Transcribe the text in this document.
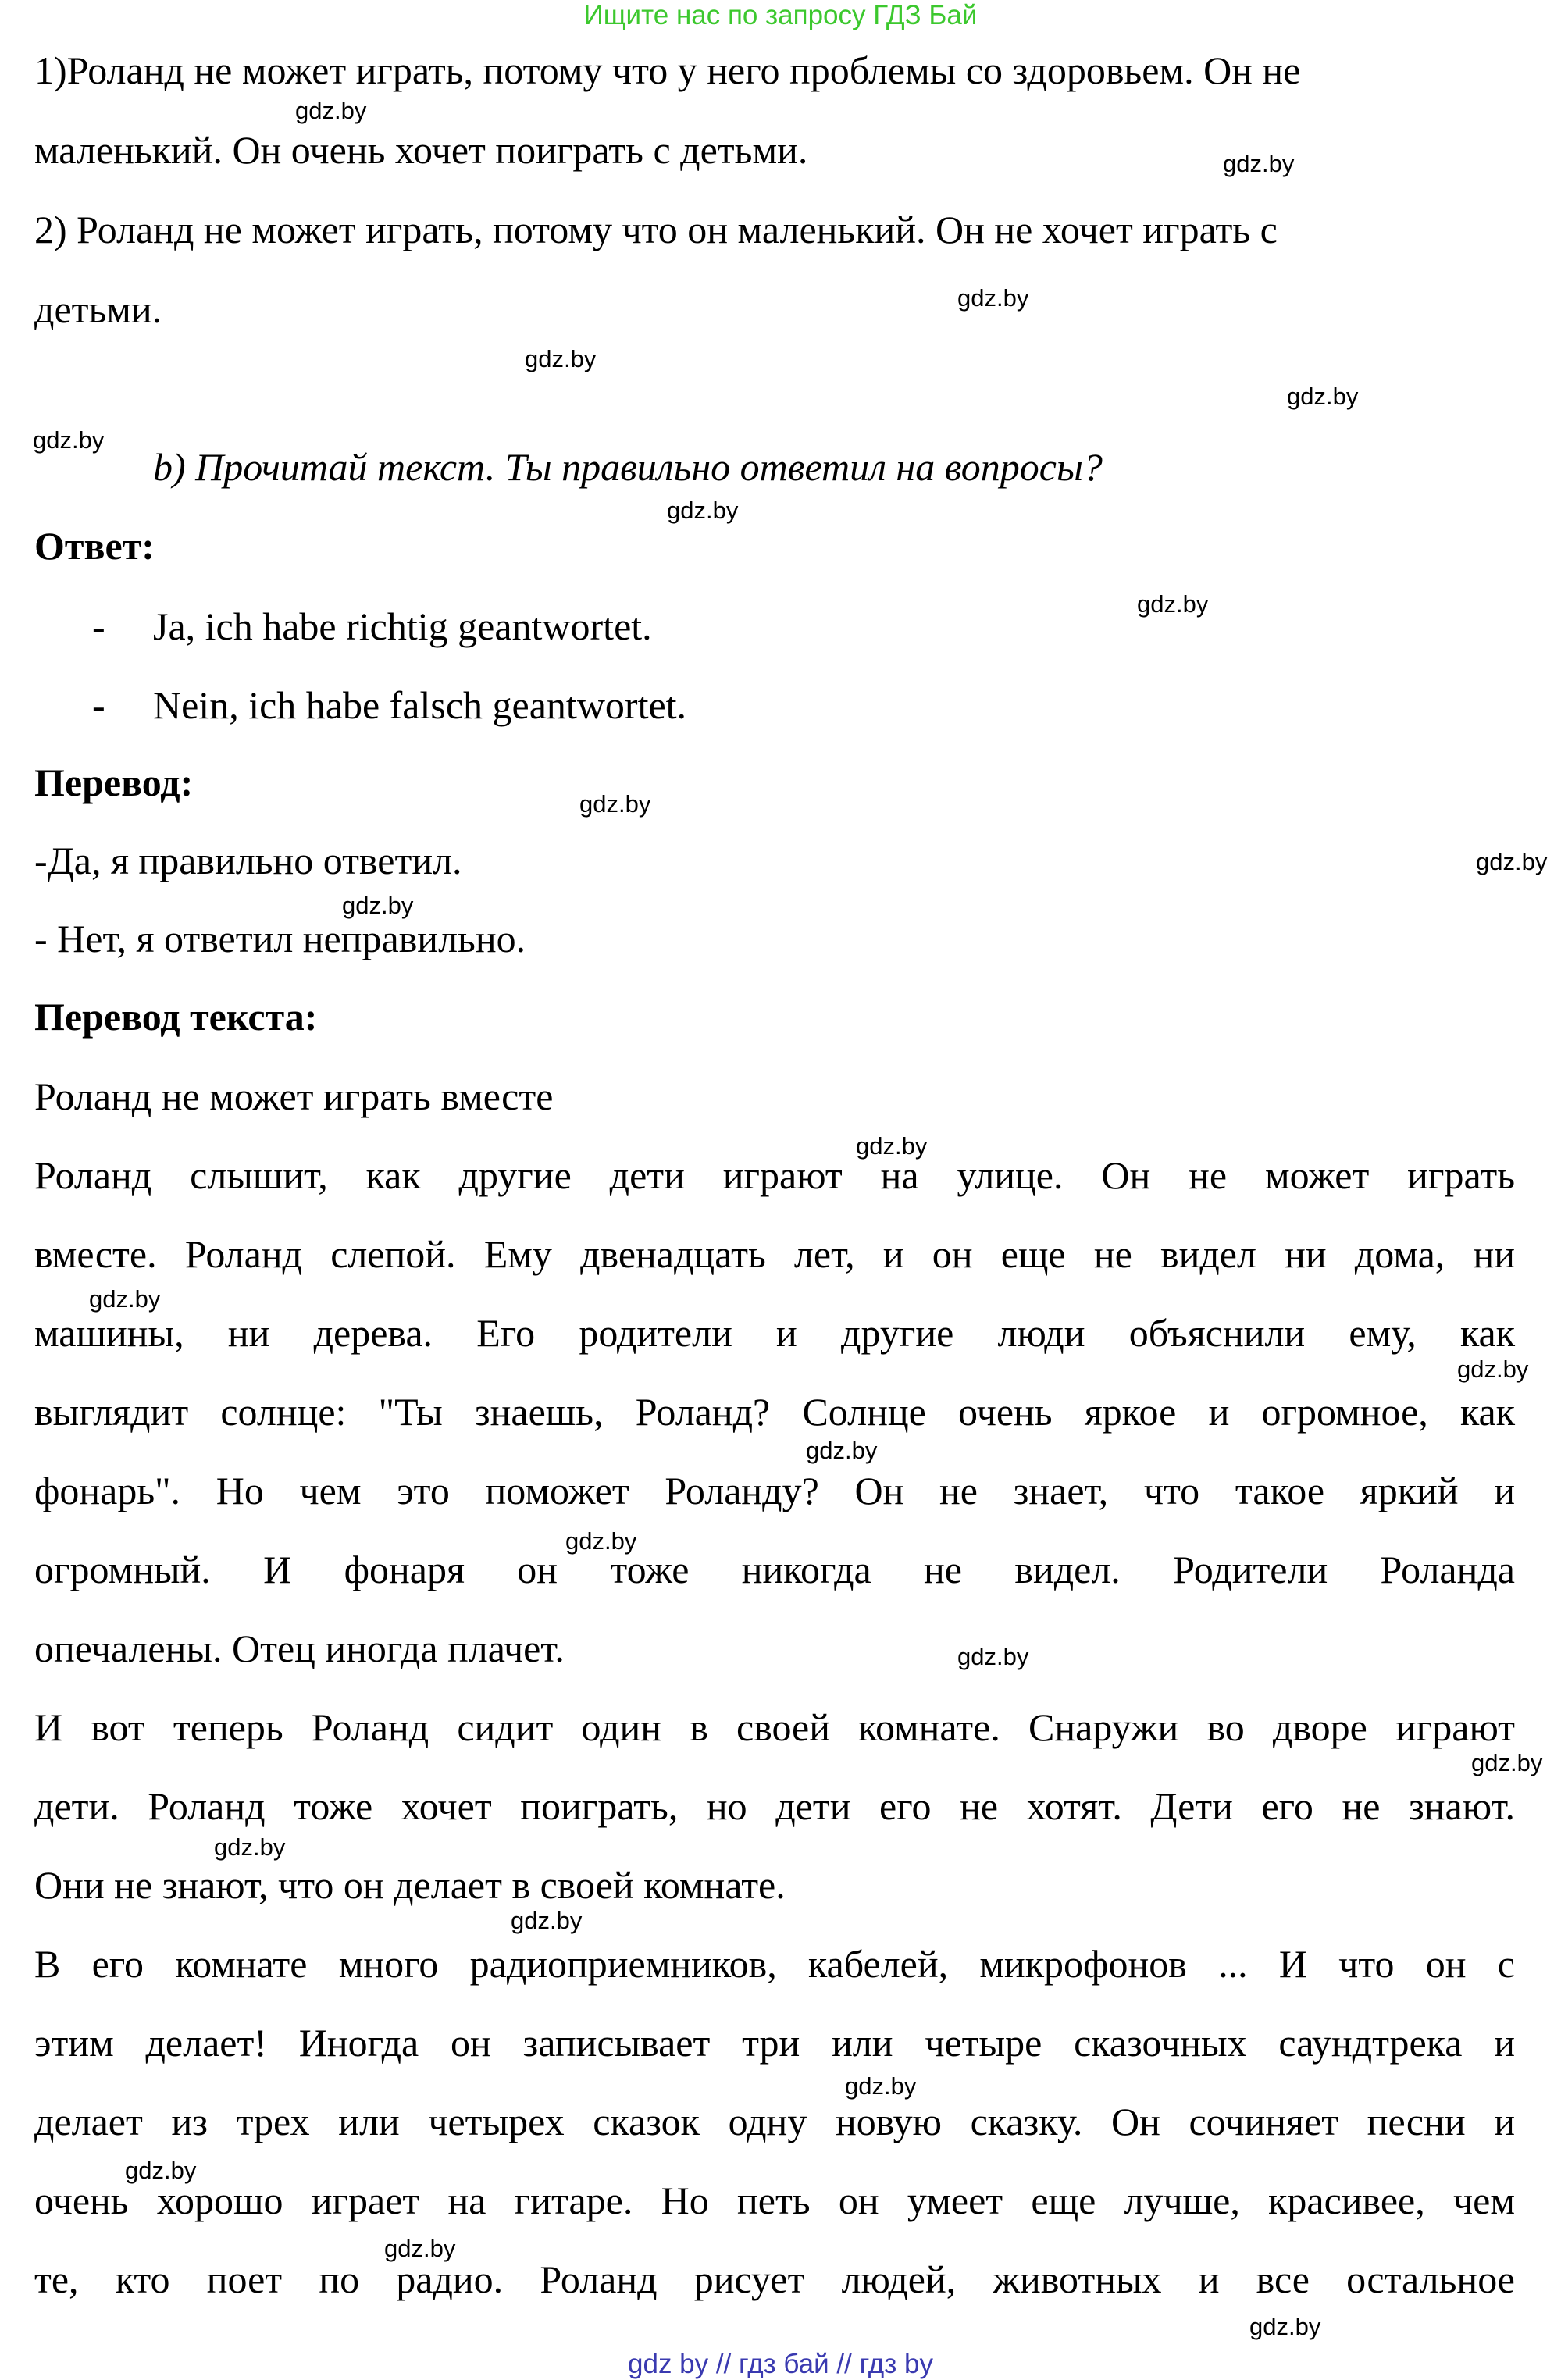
Ищите нас по запросу ГДЗ Бай
1)Роланд не может играть, потому что у него проблемы со здоровьем. Он не
маленький. Он очень хочет поиграть с детьми.
2) Роланд не может играть, потому что он маленький. Он не хочет играть с
детьми.
b) Прочитай текст. Ты правильно ответил на вопросы?
Ответ:
- Ja, ich habe richtig geantwortet.
- Nein, ich habe falsch geantwortet.
Перевод:
-Да, я правильно ответил.
- Нет, я ответил неправильно.
Перевод текста:
Роланд не может играть вместе
Роланд слышит, как другие дети играют на улице. Он не может играть
вместе. Роланд слепой. Ему двенадцать лет, и он еще не видел ни дома, ни
машины, ни дерева. Его родители и другие люди объяснили ему, как
выглядит солнце: "Ты знаешь, Роланд? Солнце очень яркое и огромное, как
фонарь". Но чем это поможет Роланду? Он не знает, что такое яркий и
огромный. И фонаря он тоже никогда не видел. Родители Роланда
опечалены. Отец иногда плачет.
И вот теперь Роланд сидит один в своей комнате. Снаружи во дворе играют
дети. Роланд тоже хочет поиграть, но дети его не хотят. Дети его не знают.
Они не знают, что он делает в своей комнате.
В его комнате много радиоприемников, кабелей, микрофонов ... И что он с
этим делает! Иногда он записывает три или четыре сказочных саундтрека и
делает из трех или четырех сказок одну новую сказку. Он сочиняет песни и
очень хорошо играет на гитаре. Но петь он умеет еще лучше, красивее, чем
те, кто поет по радио. Роланд рисует людей, животных и все остальное
gdz.by
gdz.by
gdz.by
gdz.by
gdz.by
gdz.by
gdz.by
gdz.by
gdz.by
gdz.by
gdz.by
gdz.by
gdz.by
gdz.by
gdz.by
gdz.by
gdz.by
gdz.by
gdz.by
gdz.by
gdz.by
gdz.by
gdz.by
gdz.by
gdz by // гдз бай // гдз by
